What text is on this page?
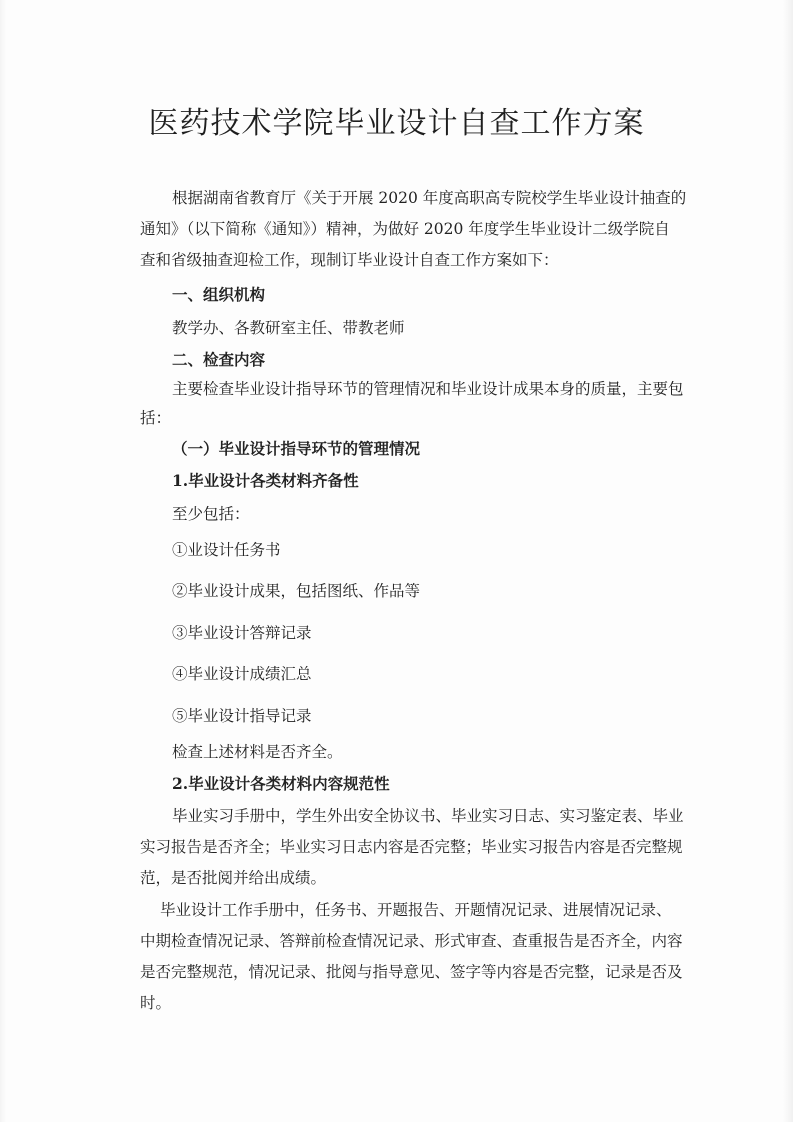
医药技术学院毕业设计自查工作方案
根据湖南省教育厅《关于开展 2020 年度高职高专院校学生毕业设计抽查的
通知》（以下简称《通知》）精神，为做好 2020 年度学生毕业设计二级学院自
查和省级抽查迎检工作，现制订毕业设计自查工作方案如下：
一、组织机构
教学办、各教研室主任、带教老师
二、检查内容
主要检查毕业设计指导环节的管理情况和毕业设计成果本身的质量，主要包
括：
（一）毕业设计指导环节的管理情况
1.毕业设计各类材料齐备性
至少包括：
①业设计任务书
②毕业设计成果，包括图纸、作品等
③毕业设计答辩记录
④毕业设计成绩汇总
⑤毕业设计指导记录
检查上述材料是否齐全。
2.毕业设计各类材料内容规范性
毕业实习手册中，学生外出安全协议书、毕业实习日志、实习鉴定表、毕业
实习报告是否齐全；毕业实习日志内容是否完整；毕业实习报告内容是否完整规
范，是否批阅并给出成绩。
毕业设计工作手册中，任务书、开题报告、开题情况记录、进展情况记录、
中期检查情况记录、答辩前检查情况记录、形式审查、查重报告是否齐全，内容
是否完整规范，情况记录、批阅与指导意见、签字等内容是否完整，记录是否及
时。
